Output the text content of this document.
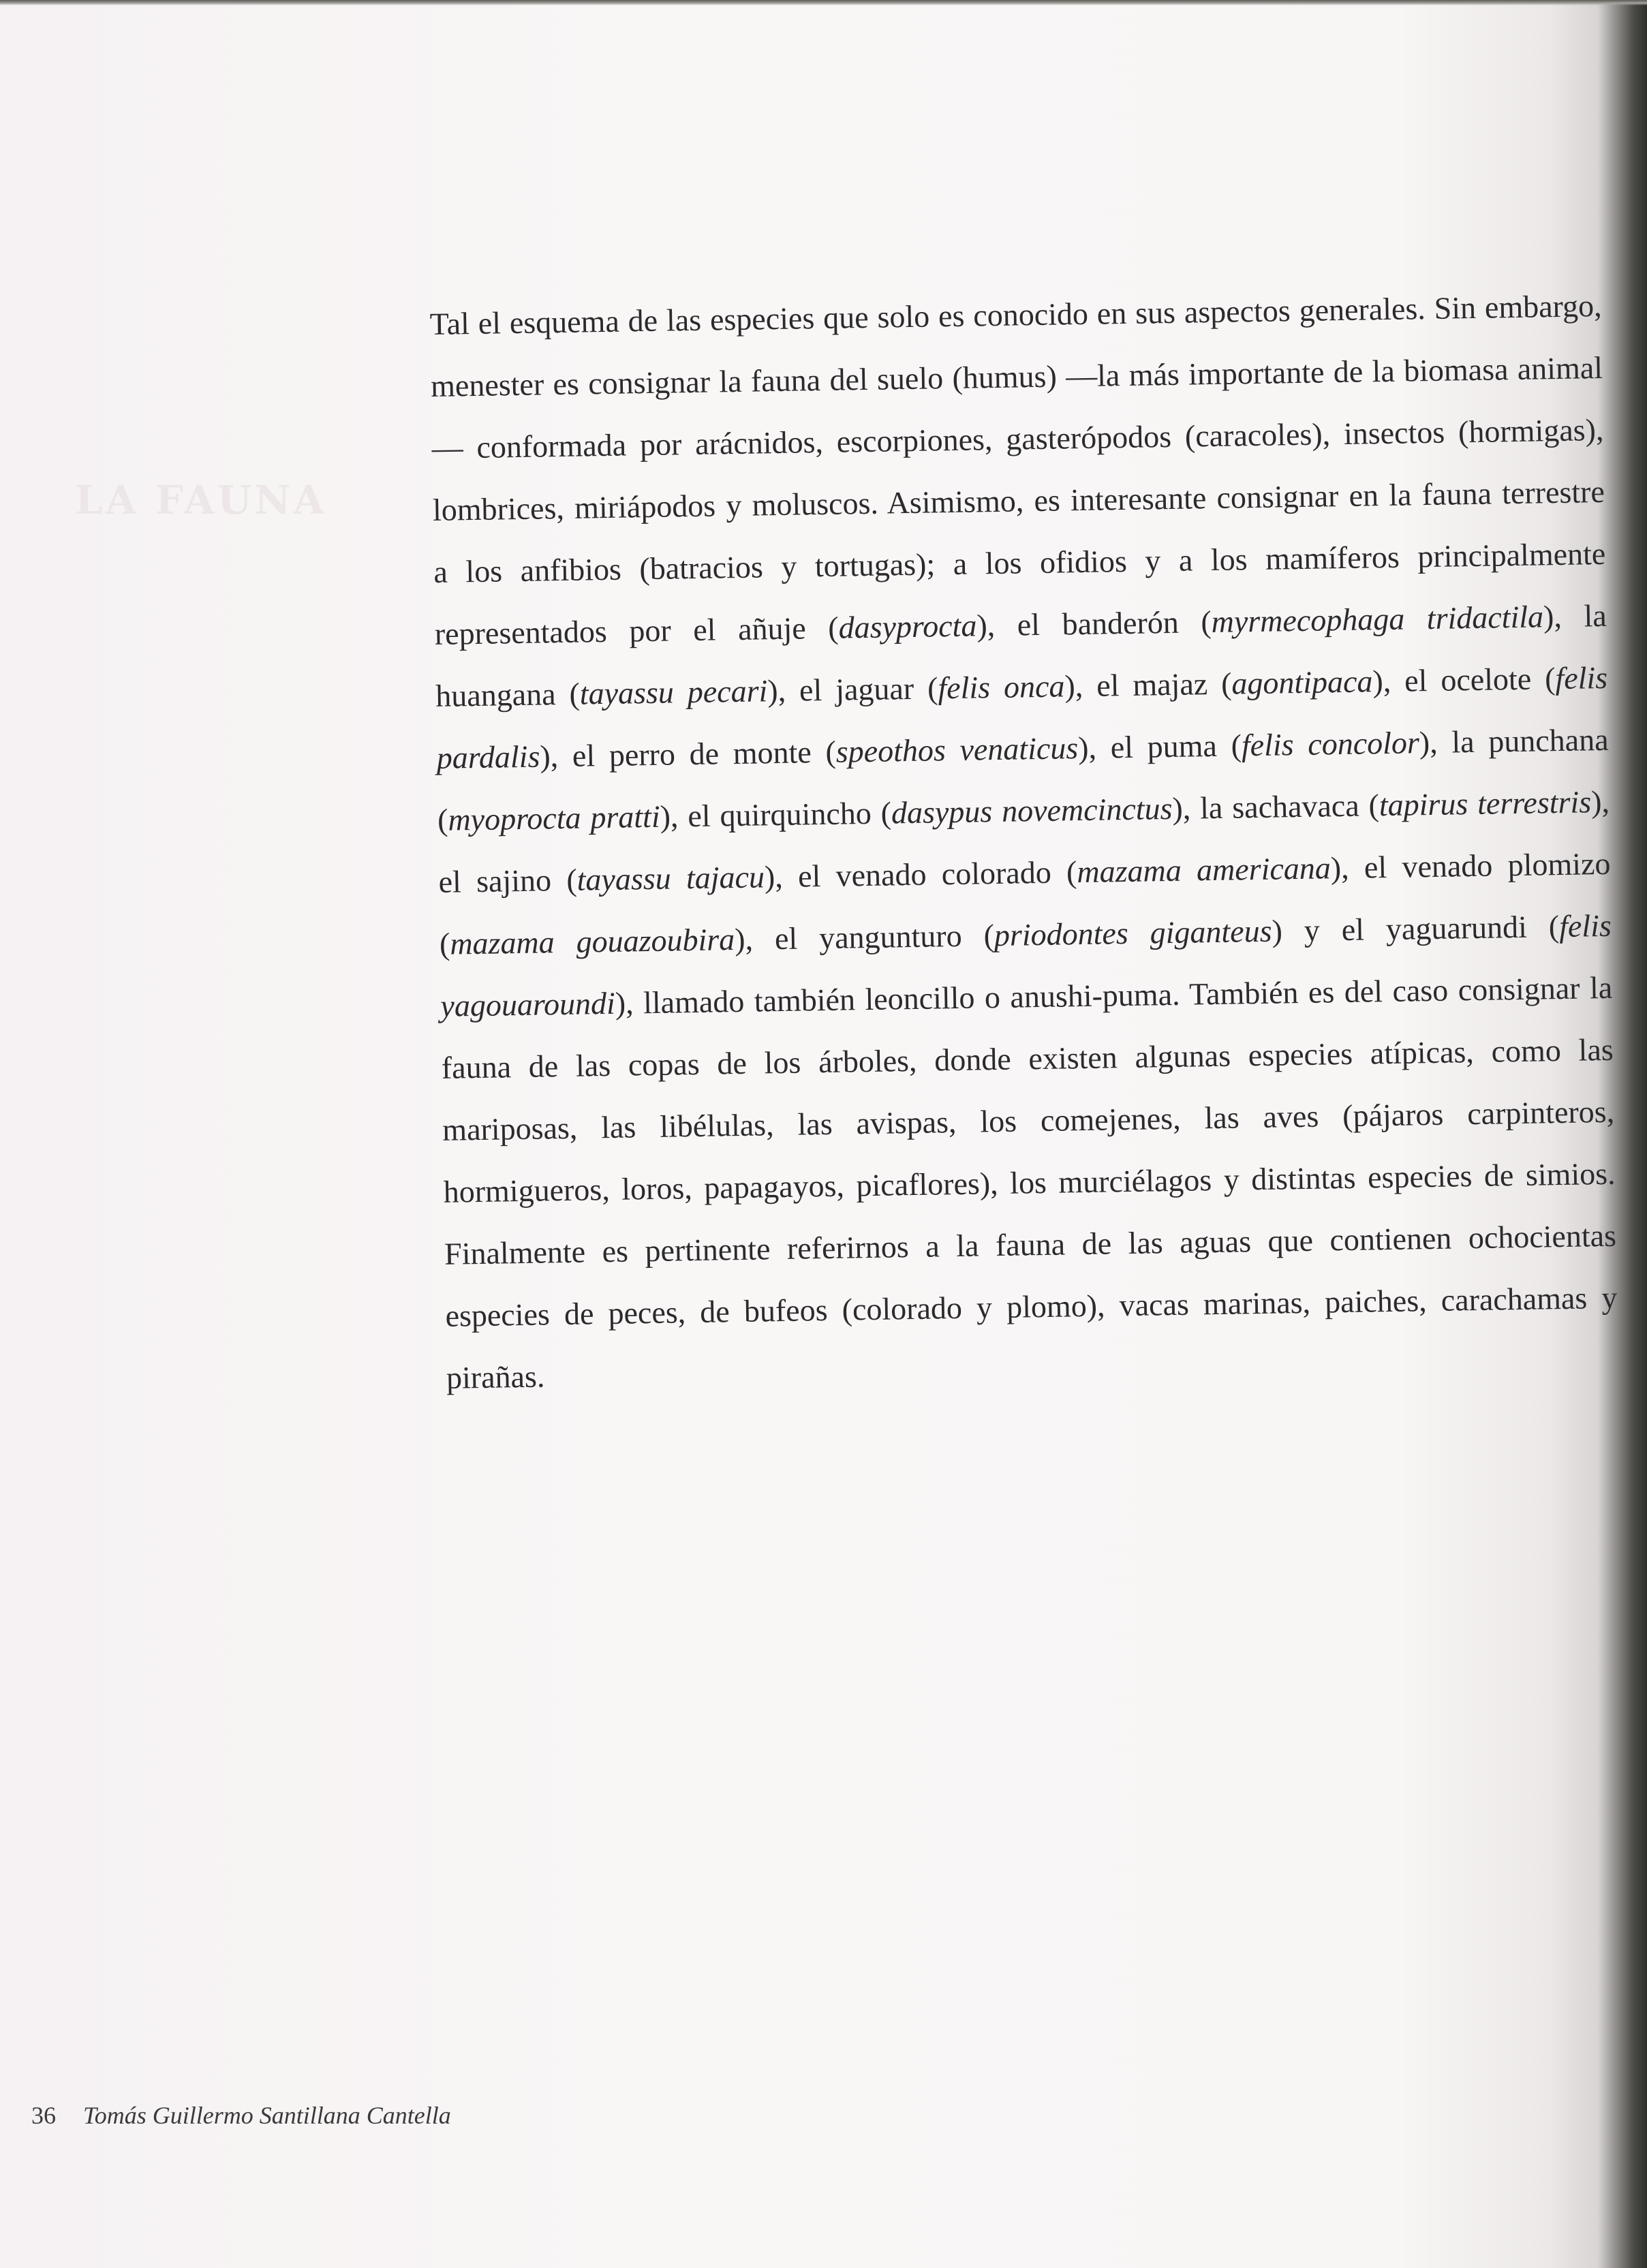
LA FAUNA

Tal el esquema de las especies que solo es conocido en sus aspectos generales. Sin embargo, menester es consignar la fauna del suelo (humus) —la más importante de la biomasa animal— conformada por arácnidos, escorpiones, gasterópodos (caracoles), insectos (hormigas), lombrices, miriápodos y moluscos. Asimismo, es interesante consignar en la fauna terrestre a los anfibios (batracios y tortugas); a los ofidios y a los mamíferos principalmente representados por el añuje (dasyprocta), el banderón (myrmecophaga tridactila), la huangana (tayassu pecari), el jaguar (felis onca), el majaz (agontipaca), el ocelote (felis pardalis), el perro de monte (speothos venaticus), el puma (felis concolor), la punchana (myoprocta pratti), el quirquincho (dasypus novemcinctus), la sachavaca (tapirus terrestris), el sajino (tayassu tajacu), el venado colorado (mazama americana), el venado plomizo (mazama gouazoubira), el yangunturo (priodontes giganteus) y el yaguarundi (felis yagouaroundi), llamado también leoncillo o anushi-puma. También es del caso consignar la fauna de las copas de los árboles, donde existen algunas especies atípicas, como las mariposas, las libélulas, las avispas, los comejenes, las aves (pájaros carpinteros, hormigueros, loros, papagayos, picaflores), los murciélagos y distintas especies de simios. Finalmente es pertinente referirnos a la fauna de las aguas que contienen ochocientas especies de peces, de bufeos (colorado y plomo), vacas marinas, paiches, carachamas y pirañas.

36 Tomás Guillermo Santillana Cantella
